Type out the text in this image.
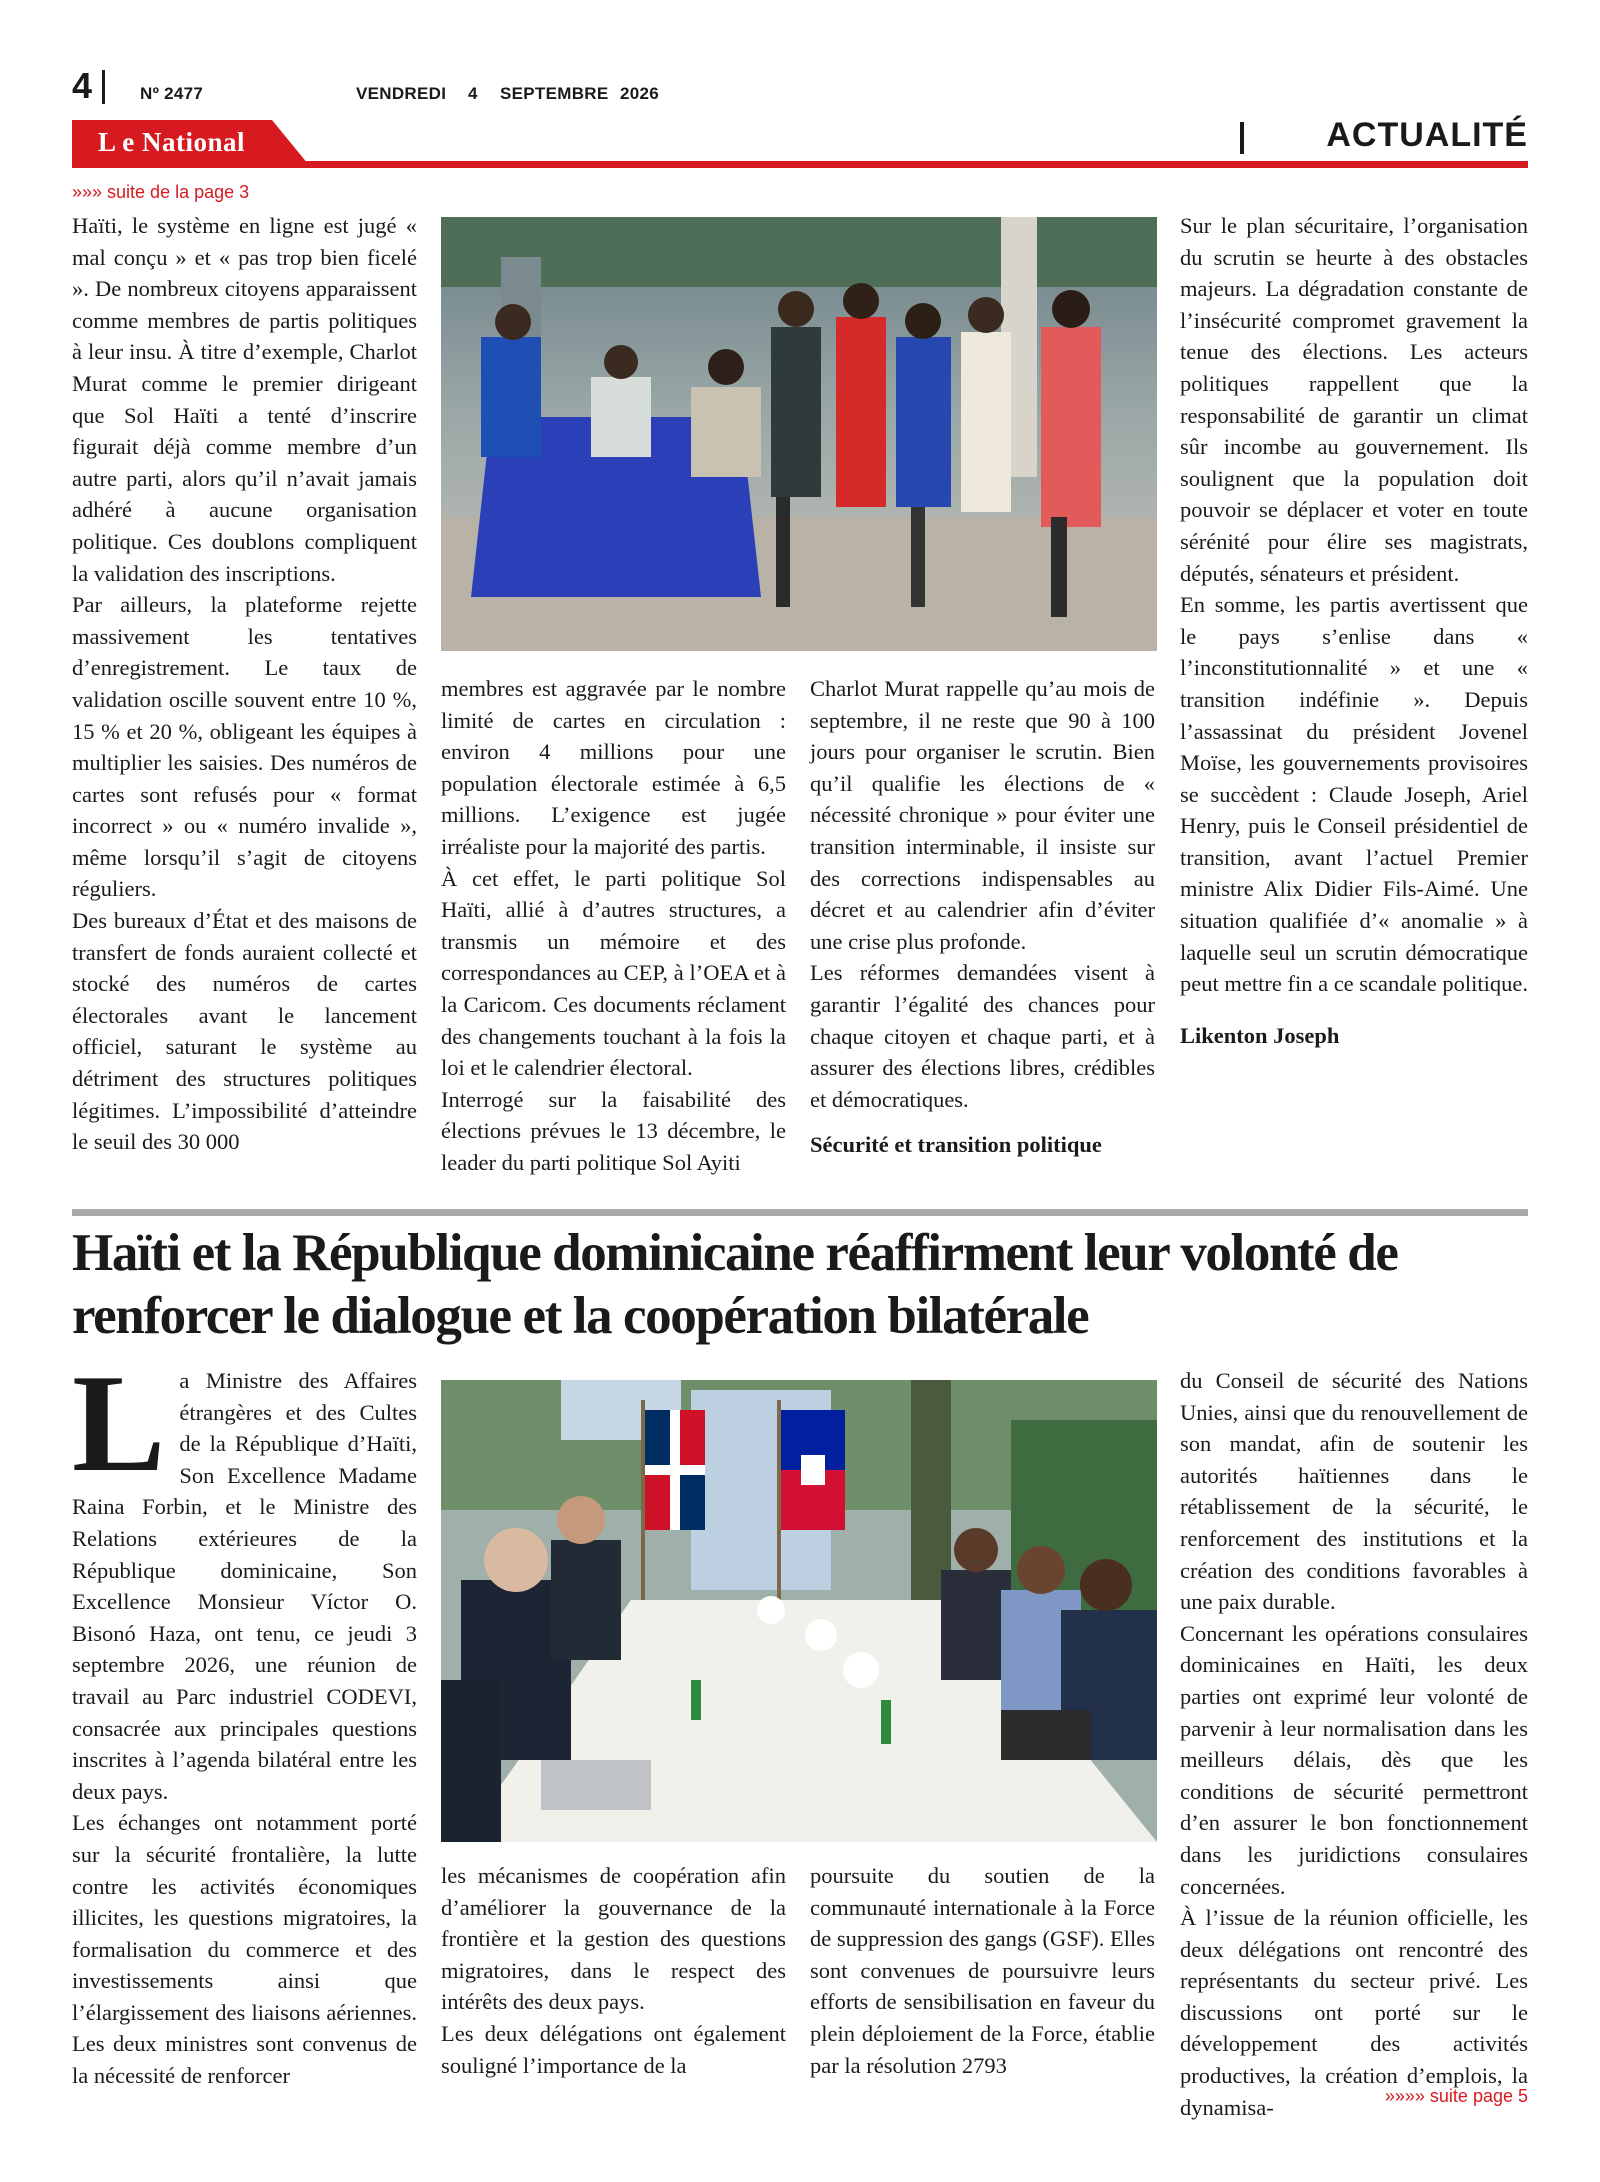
4	Nº 2477	VENDREDI 4 SEPTEMBRE 2026
L e National	ACTUALITÉ
»»» suite de la page 3

Haïti, le système en ligne est jugé « mal conçu » et « pas trop bien ficelé ». De nombreux citoyens apparaissent comme membres de partis politiques à leur insu. À titre d’exemple, Charlot Murat comme le premier dirigeant que Sol Haïti a tenté d’inscrire figurait déjà comme membre d’un autre parti, alors qu’il n’avait jamais adhéré à aucune organisation politique. Ces doublons compliquent la validation des inscriptions.

Par ailleurs, la plateforme rejette massivement les tentatives d’enregistrement. Le taux de validation oscille souvent entre 10 %, 15 % et 20 %, obligeant les équipes à multiplier les saisies. Des numéros de cartes sont refusés pour « format incorrect » ou « numéro invalide », même lorsqu’il s’agit de citoyens réguliers.

Des bureaux d’État et des maisons de transfert de fonds auraient collecté et stocké des numéros de cartes électorales avant le lancement officiel, saturant le système au détriment des structures politiques légitimes. L’impossibilité d’atteindre le seuil des 30 000

membres est aggravée par le nombre limité de cartes en circulation : environ 4 millions pour une population électorale estimée à 6,5 millions. L’exigence est jugée irréaliste pour la majorité des partis.

À cet effet, le parti politique Sol Haïti, allié à d’autres structures, a transmis un mémoire et des correspondances au CEP, à l’OEA et à la Caricom. Ces documents réclament des changements touchant à la fois la loi et le calendrier électoral.

Interrogé sur la faisabilité des élections prévues le 13 décembre, le leader du parti politique Sol Ayiti

Charlot Murat rappelle qu’au mois de septembre, il ne reste que 90 à 100 jours pour organiser le scrutin. Bien qu’il qualifie les élections de « nécessité chronique » pour éviter une transition interminable, il insiste sur des corrections indispensables au décret et au calendrier afin d’éviter une crise plus profonde.

Les réformes demandées visent à garantir l’égalité des chances pour chaque citoyen et chaque parti, et à assurer des élections libres, crédibles et démocratiques.

Sécurité et transition politique

Sur le plan sécuritaire, l’organisation du scrutin se heurte à des obstacles majeurs. La dégradation constante de l’insécurité compromet gravement la tenue des élections. Les acteurs politiques rappellent que la responsabilité de garantir un climat sûr incombe au gouvernement. Ils soulignent que la population doit pouvoir se déplacer et voter en toute sérénité pour élire ses magistrats, députés, sénateurs et président.

En somme, les partis avertissent que le pays s’enlise dans « l’inconstitutionnalité » et une « transition indéfinie ». Depuis l’assassinat du président Jovenel Moïse, les gouvernements provisoires se succèdent : Claude Joseph, Ariel Henry, puis le Conseil présidentiel de transition, avant l’actuel Premier ministre Alix Didier Fils-Aimé. Une situation qualifiée d’« anomalie » à laquelle seul un scrutin démocratique peut mettre fin a ce scandale politique.

Likenton Joseph

Haïti et la République dominicaine réaffirment leur volonté de renforcer le dialogue et la coopération bilatérale

La Ministre des Affaires étrangères et des Cultes de la République d’Haïti, Son Excellence Madame Raina Forbin, et le Ministre des Relations extérieures de la République dominicaine, Son Excellence Monsieur Víctor O. Bisonó Haza, ont tenu, ce jeudi 3 septembre 2026, une réunion de travail au Parc industriel CODEVI, consacrée aux principales questions inscrites à l’agenda bilatéral entre les deux pays.

Les échanges ont notamment porté sur la sécurité frontalière, la lutte contre les activités économiques illicites, les questions migratoires, la formalisation du commerce et des investissements ainsi que l’élargissement des liaisons aériennes. Les deux ministres sont convenus de la nécessité de renforcer

les mécanismes de coopération afin d’améliorer la gouvernance de la frontière et la gestion des questions migratoires, dans le respect des intérêts des deux pays.

Les deux délégations ont également souligné l’importance de la

poursuite du soutien de la communauté internationale à la Force de suppression des gangs (GSF). Elles sont convenues de poursuivre leurs efforts de sensibilisation en faveur du plein déploiement de la Force, établie par la résolution 2793

du Conseil de sécurité des Nations Unies, ainsi que du renouvellement de son mandat, afin de soutenir les autorités haïtiennes dans le rétablissement de la sécurité, le renforcement des institutions et la création des conditions favorables à une paix durable.

Concernant les opérations consulaires dominicaines en Haïti, les deux parties ont exprimé leur volonté de parvenir à leur normalisation dans les meilleurs délais, dès que les conditions de sécurité permettront d’en assurer le bon fonctionnement dans les juridictions consulaires concernées.

À l’issue de la réunion officielle, les deux délégations ont rencontré des représentants du secteur privé. Les discussions ont porté sur le développement des activités productives, la création d’emplois, la dynamisa-	»»»» suite page 5
